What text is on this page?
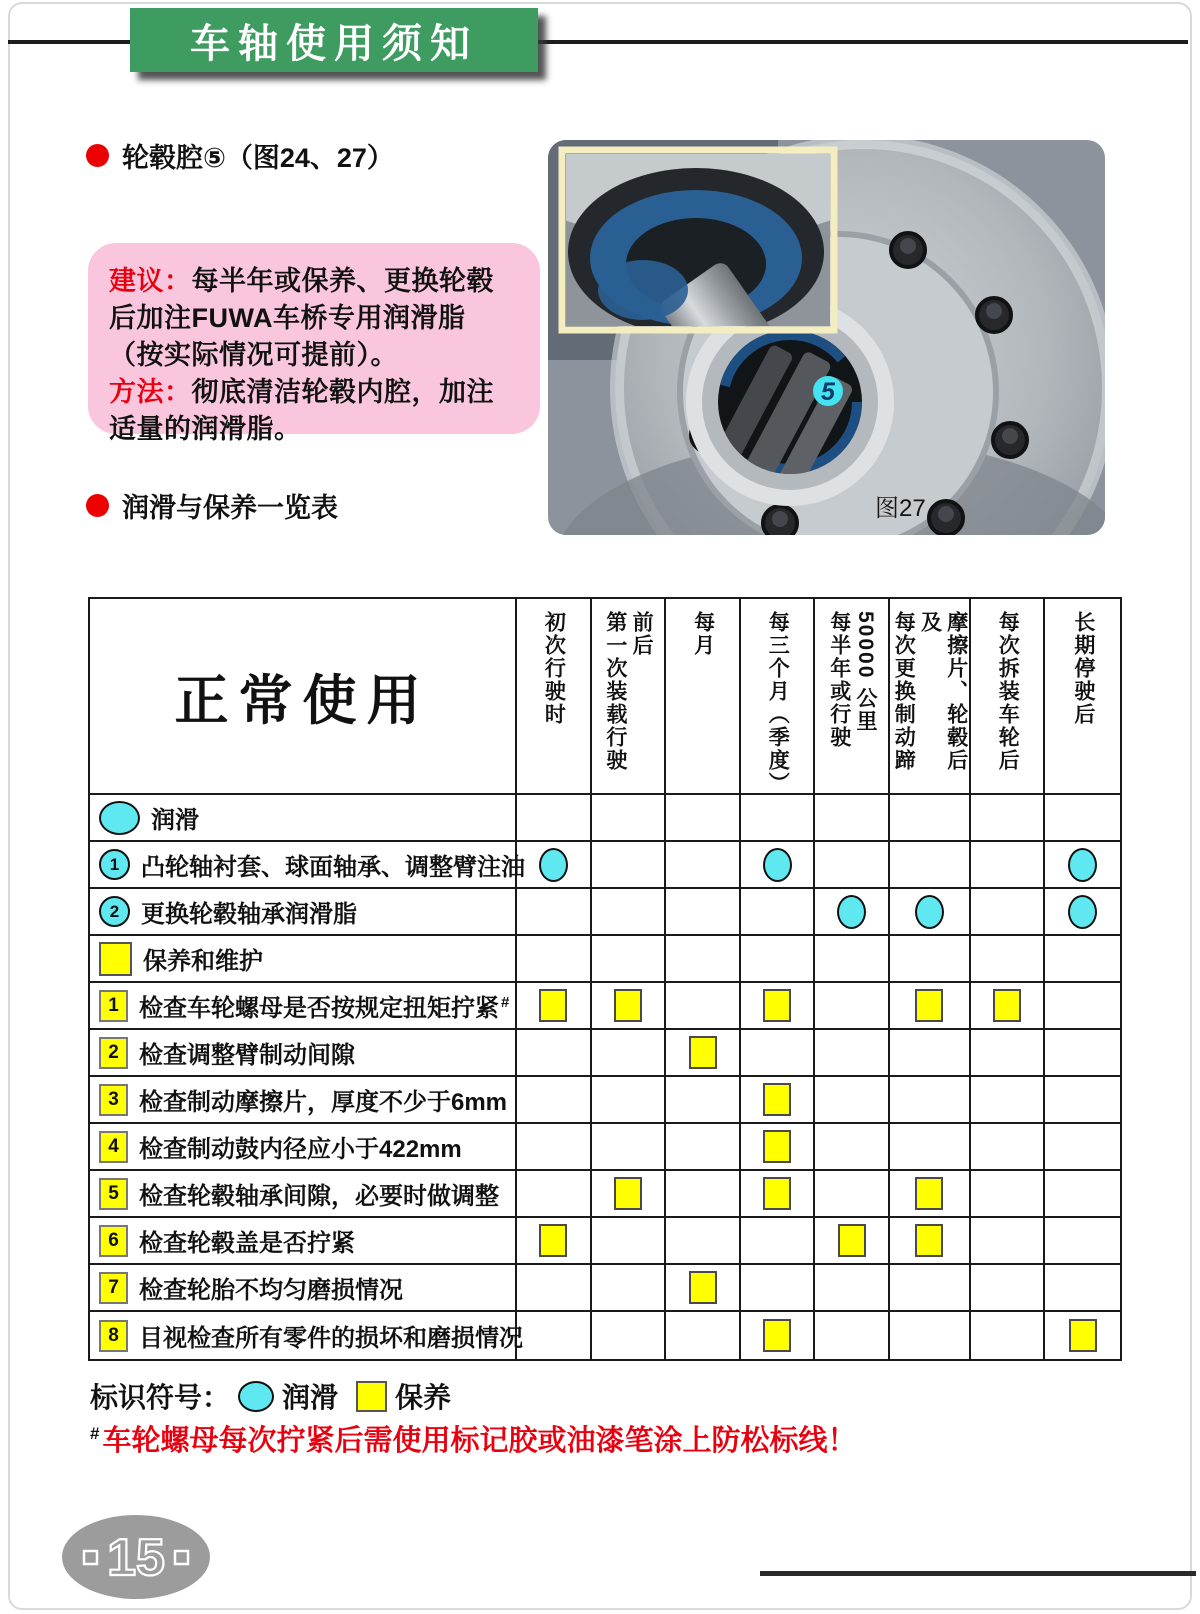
车轴使用须知
轮毂腔⑤（图24、27）

建议：每半年或保养、更换轮毂后加注FUWA车桥专用润滑脂（按实际情况可提前）。

方法：彻底清洁轮毂内腔，加注适量的润滑脂。

5
图27
润滑与保养一览表
正常使用	初次行驶时 第一次装载行驶前后 每月 每三个月（季度） 每半年或行驶 50000 公里 每次更换制动蹄及 摩擦片、轮毂后 每次拆装车轮后	长期停驶后
润滑
1 凸轮轴衬套、球面轴承、调整臂注油
2 更换轮毂轴承润滑脂
保养和维护
1 检查车轮螺母是否按规定扭矩拧紧 #
2 检查调整臂制动间隙
3 检查制动摩擦片，厚度不少于6mm
4 检查制动鼓内径应小于422mm
5 检查轮毂轴承间隙，必要时做调整
6 检查轮毂盖是否拧紧
7 检查轮胎不均匀磨损情况
8 目视检查所有零件的损坏和磨损情况
标识符号： 润滑 保养
# 车轮螺母每次拧紧后需使用标记胶或油漆笔涂上防松标线！
15
